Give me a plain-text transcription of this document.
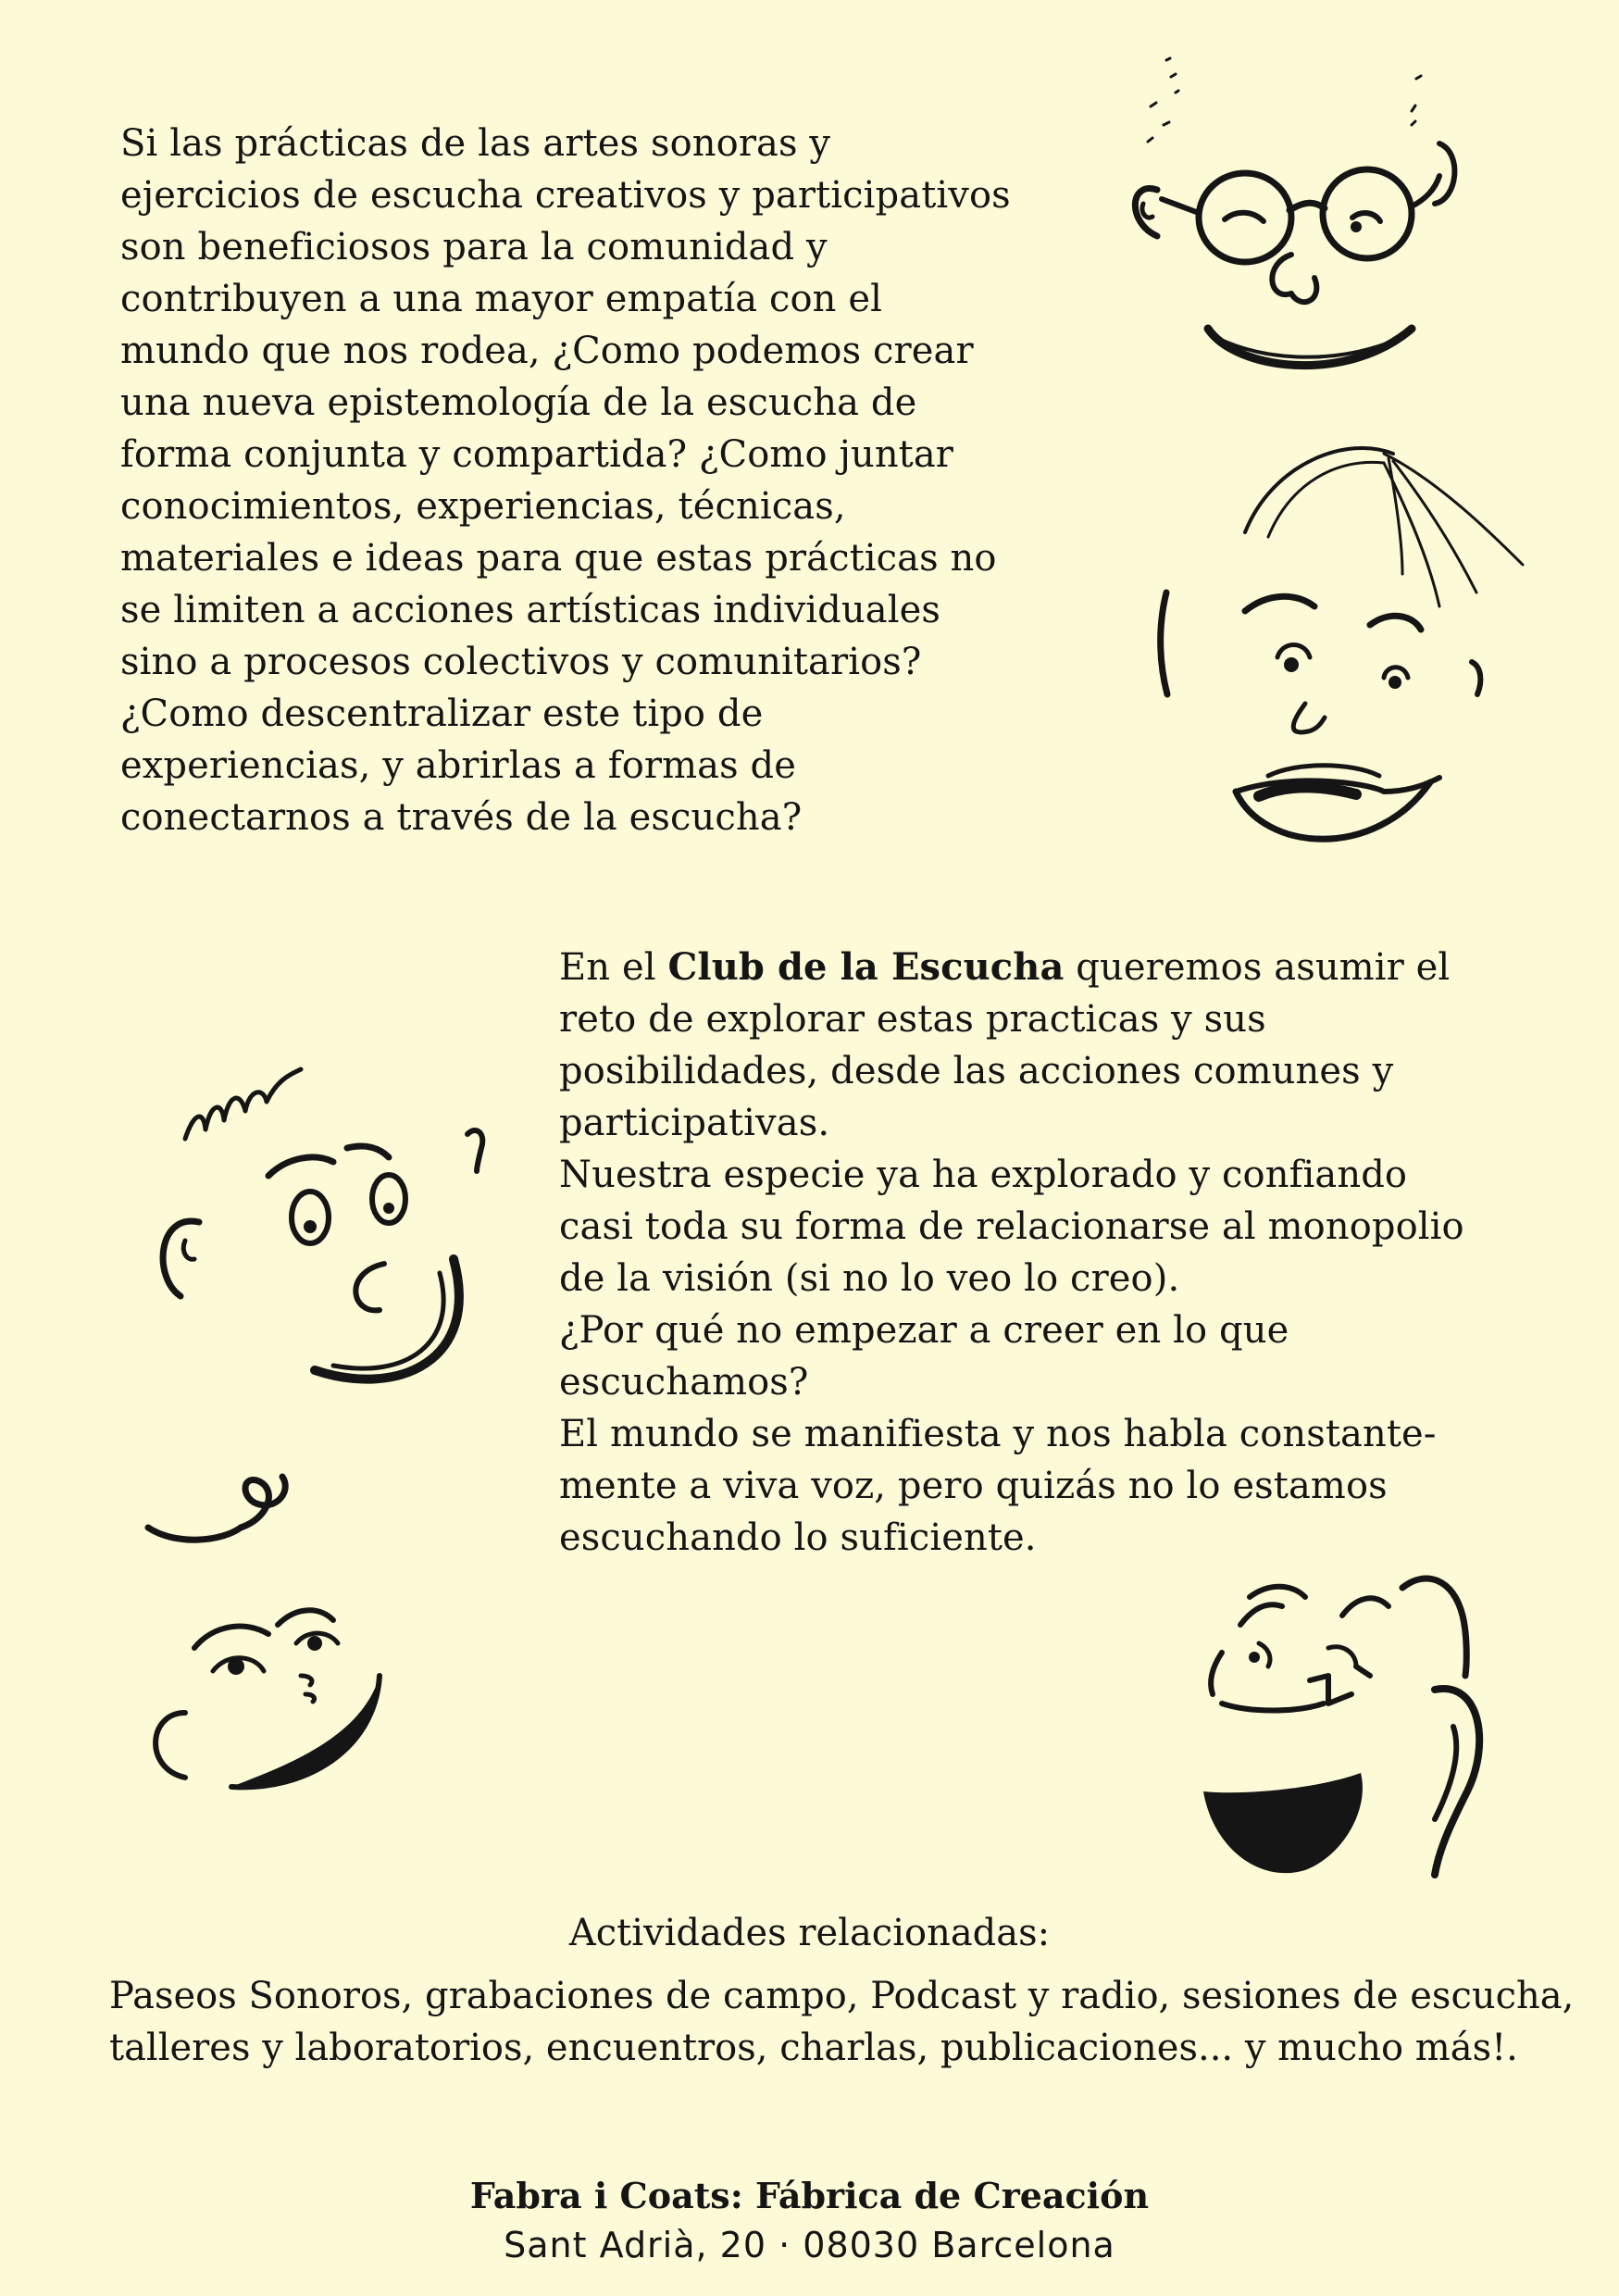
Si las prácticas de las artes sonoras y
ejercicios de escucha creativos y participativos
son beneficiosos para la comunidad y
contribuyen a una mayor empatía con el
mundo que nos rodea, ¿Como podemos crear
una nueva epistemología de la escucha de
forma conjunta y compartida? ¿Como juntar
conocimientos, experiencias, técnicas,
materiales e ideas para que estas prácticas no
se limiten a acciones artísticas individuales
sino a procesos colectivos y comunitarios?
¿Como descentralizar este tipo de
experiencias, y abrirlas a formas de
conectarnos a través de la escucha?
En el Club de la Escucha queremos asumir el
reto de explorar estas practicas y sus
posibilidades, desde las acciones comunes y
participativas.
Nuestra especie ya ha explorado y confiando
casi toda su forma de relacionarse al monopolio
de la visión (si no lo veo lo creo).
¿Por qué no empezar a creer en lo que
escuchamos?
El mundo se manifiesta y nos habla constante-
mente a viva voz, pero quizás no lo estamos
escuchando lo suficiente.

Actividades relacionadas:

Paseos Sonoros, grabaciones de campo, Podcast y radio, sesiones de escucha,
talleres y laboratorios, encuentros, charlas, publicaciones... y mucho más!.

Fabra i Coats: Fábrica de Creación

Sant Adrià, 20 · 08030 Barcelona
